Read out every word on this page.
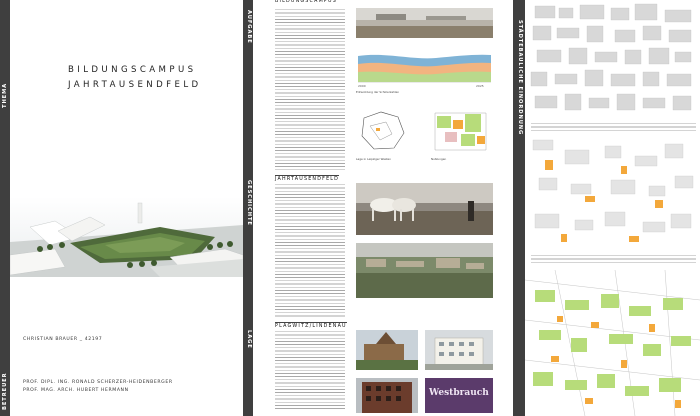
THEMA
BETREUER
BILDUNGSCAMPUS
JAHRTAUSENDFELD
CHRISTIAN BRAUER _ 42197
PROF. DIPL. ING. RONALD SCHERZER-HEIDENBERGER
PROF. MAG. ARCH. HUBERT HERMANN
AUFGABE
GESCHICHTE
LAGE
BILDUNGSCAMPUS
JAHRTAUSENDFELD
PLAGWITZ/LINDENAU
2000	2025
Entwicklung der Schülerzahlen
Lage in Leipziger Westen	Nutzungen
Westbrauch
STÄDTEBAULICHE EINORDNUNG
